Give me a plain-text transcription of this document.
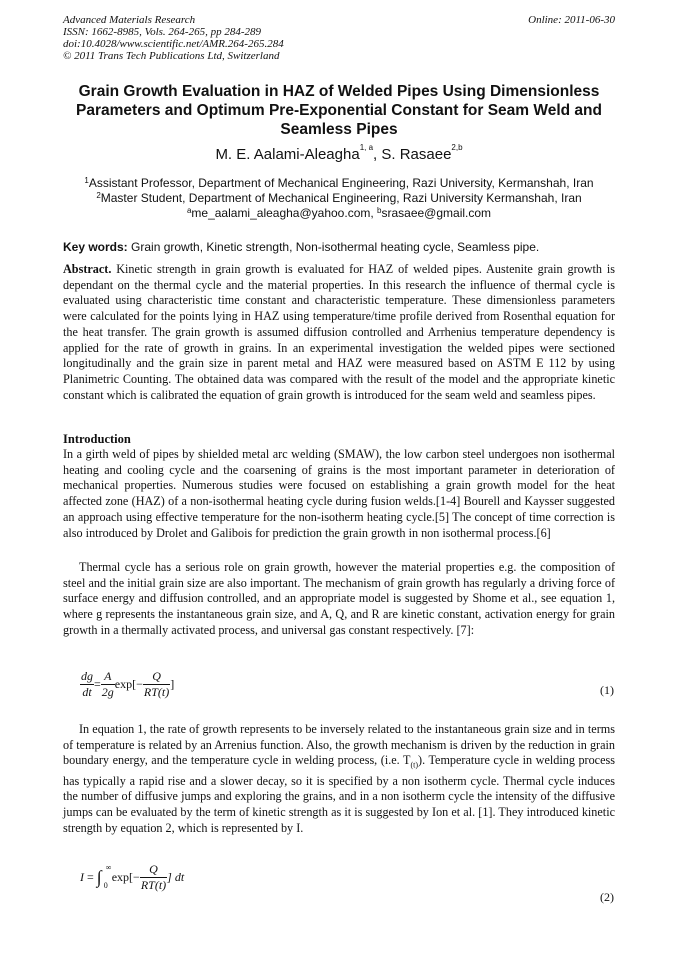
Advanced Materials Research
ISSN: 1662-8985, Vols. 264-265, pp 284-289
doi:10.4028/www.scientific.net/AMR.264-265.284
© 2011 Trans Tech Publications Ltd, Switzerland
Online: 2011-06-30
Grain Growth Evaluation in HAZ of Welded Pipes Using Dimensionless Parameters and Optimum Pre-Exponential Constant for Seam Weld and Seamless Pipes
M. E. Aalami-Aleagha$^{1, a}$, S. Rasaee$^{2,b}$
$^1$Assistant Professor, Department of Mechanical Engineering, Razi University, Kermanshah, Iran
$^2$Master Student, Department of Mechanical Engineering, Razi University Kermanshah, Iran
$^a$me_aalami_aleagha@yahoo.com, $^b$srasaee@gmail.com
Key words: Grain growth, Kinetic strength, Non-isothermal heating cycle, Seamless pipe.
Abstract. Kinetic strength in grain growth is evaluated for HAZ of welded pipes. Austenite grain growth is dependant on the thermal cycle and the material properties. In this research the influence of thermal cycle is evaluated using characteristic time constant and characteristic temperature. These dimensionless parameters were calculated for the points lying in HAZ using temperature/time profile derived from Rosenthal equation for the heat transfer. The grain growth is assumed diffusion controlled and Arrhenius temperature dependency is applied for the rate of growth in grains. In an experimental investigation the welded pipes were sectioned longitudinally and the grain size in parent metal and HAZ were measured based on ASTM E 112 by using Planimetric Counting. The obtained data was compared with the result of the model and the appropriate kinetic constant which is calibrated the equation of grain growth is introduced for the seam weld and seamless pipes.
Introduction
In a girth weld of pipes by shielded metal arc welding (SMAW), the low carbon steel undergoes non isothermal heating and cooling cycle and the coarsening of grains is the most important parameter in deterioration of mechanical properties. Numerous studies were focused on establishing a grain growth model for the heat affected zone (HAZ) of a non-isothermal heating cycle during fusion welds.[1-4] Bourell and Kaysser suggested an approach using effective temperature for the non-isotherm heating cycle.[5] The concept of time correction is also introduced by Drolet and Galibois for prediction the grain growth in non isothermal process.[6]
Thermal cycle has a serious role on grain growth, however the material properties e.g. the composition of steel and the initial grain size are also important. The mechanism of grain growth has regularly a driving force of surface energy and diffusion controlled, and an appropriate model is suggested by Shome et al., see equation 1, where g represents the instantaneous grain size, and A, Q, and R are kinetic constant, activation energy for grain growth in a thermally activated process, and universal gas constant respectively. [7]:
$\frac{dg}{dt} = \frac{A}{2g} \exp[- \frac{Q}{RT(t)}$ ]	(1)
In equation 1, the rate of growth represents to be inversely related to the instantaneous grain size and in terms of temperature is related by an Arrenius function. Also, the growth mechanism is driven by the reduction in grain boundary energy, and the temperature cycle in welding process, (i.e. $T_{(t)}$). Temperature cycle in welding process has typically a rapid rise and a slower decay, so it is specified by a non isotherm cycle. Thermal cycle induces the number of diffusive jumps and exploring the grains, and in a non isotherm cycle the intensity of the diffusive jumps can be evaluated by the term of kinetic strength as it is suggested by Ion et al. [1]. They introduced kinetic strength by equation 2, which is represented by I.
I = ∫ ∞
0
$\exp[- \frac{Q}{RT(t)}$ ] dt
(2)
